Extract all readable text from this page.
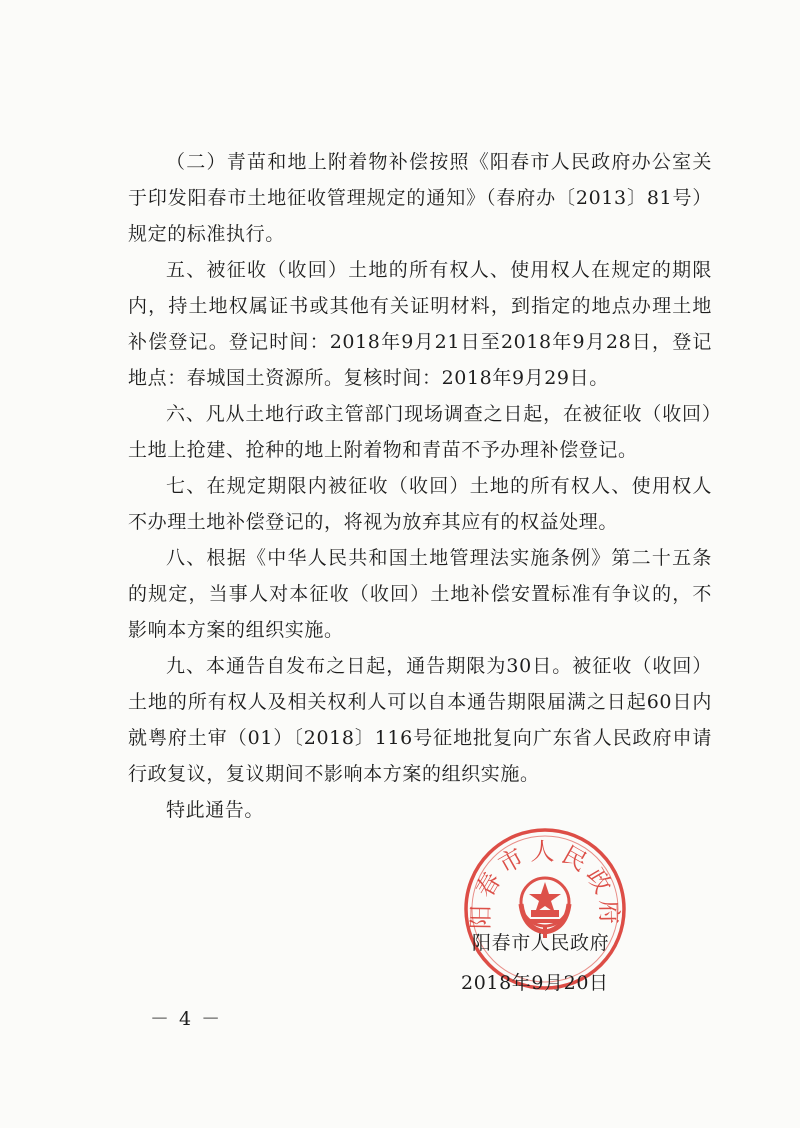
（二）青苗和地上附着物补偿按照《阳春市人民政府办公室关于印发阳春市土地征收管理规定的通知》（春府办〔2013〕81号）规定的标准执行。

五、被征收（收回）土地的所有权人、使用权人在规定的期限内，持土地权属证书或其他有关证明材料，到指定的地点办理土地补偿登记。登记时间：2018年9月21日至2018年9月28日，登记地点：春城国土资源所。复核时间：2018年9月29日。

六、凡从土地行政主管部门现场调查之日起，在被征收（收回）土地上抢建、抢种的地上附着物和青苗不予办理补偿登记。

七、在规定期限内被征收（收回）土地的所有权人、使用权人不办理土地补偿登记的，将视为放弃其应有的权益处理。

八、根据《中华人民共和国土地管理法实施条例》第二十五条的规定，当事人对本征收（收回）土地补偿安置标准有争议的，不影响本方案的组织实施。

九、本通告自发布之日起，通告期限为30日。被征收（收回）土地的所有权人及相关权利人可以自本通告期限届满之日起60日内就粤府土审（01）〔2018〕116号征地批复向广东省人民政府申请行政复议，复议期间不影响本方案的组织实施。

特此通告。

阳春市人民政府
阳春市人民政府
2018年9月20日
－ 4 －
